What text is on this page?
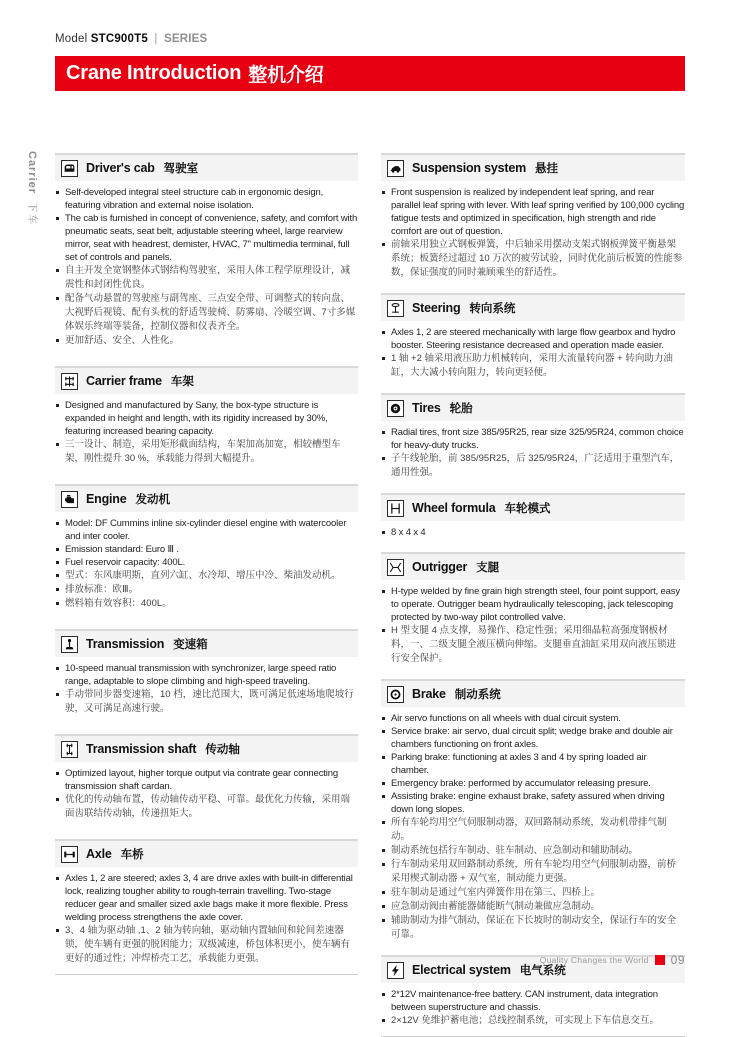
Model STC900T5 | SERIES
Crane Introduction 整机介绍
Carrier 下车
Driver's cab 驾驶室
Self-developed integral steel structure cab in ergonomic design, featuring vibration and external noise isolation.
The cab is furnished in concept of convenience, safety, and comfort with pneumatic seats, seat belt, adjustable steering wheel, large rearview mirror, seat with headrest, demister, HVAC, 7'' multimedia terminal, full set of controls and panels.
自主开发全宽钢整体式钢结构驾驶室，采用人体工程学原理设计，减震性和封闭性优良。
配备气动悬置的驾驶座与副驾座、三点安全带、可调整式的转向盘、大视野后视镜、配有头枕的舒适驾驶椅、防雾扇、冷暖空调、7寸多媒体娱乐终端等装备，控制仪器和仪表齐全。
更加舒适、安全、人性化。
Carrier frame 车架
Designed and manufactured by Sany, the box-type structure is expanded in height and length, with its rigidity increased by 30%, featuring increased bearing capacity.
三一设计、制造，采用矩形截面结构，车架加高加宽，相较槽型车架，刚性提升 30 %，承载能力得到大幅提升。
Engine 发动机
Model: DF Cummins inline six-cylinder diesel engine with watercooler and inter cooler.
Emission standard: Euro Ⅲ .
Fuel reservoir capacity: 400L.
型式：东风康明斯，直列六缸、水冷却、增压中冷、柴油发动机。
排放标准：欧Ⅲ。
燃料箱有效容积：400L。
Transmission 变速箱
10-speed manual transmission with synchronizer, large speed ratio range, adaptable to slope climbing and high-speed traveling.
手动带同步器变速箱，10 档，速比范围大，既可满足低速场地爬坡行驶，又可满足高速行驶。
Transmission shaft 传动轴
Optimized layout, higher torque output via contrate gear connecting transmission shaft cardan.
优化的传动轴布置，传动轴传动平稳、可靠。最优化力传输，采用端面齿联结传动轴，传递扭矩大。
Axle 车桥
Axles 1, 2 are steered; axles 3, 4 are drive axles with built-in differential lock, realizing tougher ability to rough-terrain travelling. Two-stage reducer gear and smaller sized axle bags make it more flexible. Press welding process strengthens the axle cover.
3、4 轴为驱动轴 ,1、2 轴为转向轴，驱动轴内置轴间和轮间差速器锁，使车辆有更强的脱困能力；双级减速，桥包体积更小，使车辆有更好的通过性；冲焊桥壳工艺，承载能力更强。
Suspension system 悬挂
Front suspension is realized by independent leaf spring, and rear parallel leaf spring with lever. With leaf spring verified by 100,000 cycling fatigue tests and optimized in specification, high strength and ride comfort are out of question.
前轴采用独立式钢板弹簧，中后轴采用摆动支架式钢板弹簧平衡悬架系统；板簧经过超过 10 万次的疲劳试验，同时优化前后板簧的性能参数，保证强度的同时兼顾乘坐的舒适性。
Steering 转向系统
Axles 1, 2 are steered mechanically with large flow gearbox and hydro booster. Steering resistance decreased and operation made easier.
1 轴 +2 轴采用液压助力机械转向，采用大流量转向器 + 转向助力油缸，大大减小转向阻力，转向更轻便。
Tires 轮胎
Radial tires, front size 385/95R25, rear size 325/95R24, common choice for heavy-duty trucks.
子午线轮胎，前 385/95R25，后 325/95R24，广泛适用于重型汽车，通用性强。
Wheel formula 车轮模式
8 x 4 x 4
Outrigger 支腿
H-type welded by fine grain high strength steel, four point support, easy to operate. Outrigger beam hydraulically telescoping, jack telescoping protected by two-way pilot controlled valve.
H 型支腿 4 点支撑，易操作、稳定性强；采用细晶粒高强度钢板材料，一、二级支腿全液压横向伸缩。支腿垂直油缸采用双向液压锁进行安全保护。
Brake 制动系统
Air servo functions on all wheels with dual circuit system.
Service brake: air servo, dual circuit split; wedge brake and double air chambers functioning on front axles.
Parking brake: functioning at axles 3 and 4 by spring loaded air chamber.
Emergency brake: performed by accumulator releasing presure.
Assisting brake: engine exhaust brake, safety assured when driving down long slopes.
所有车轮均用空气伺服制动器，双回路制动系统，发动机带排气制动。
制动系统包括行车制动、驻车制动、应急制动和辅助制动。
行车制动采用双回路制动系统，所有车轮均用空气伺服制动器，前桥采用楔式制动器 + 双气室，制动能力更强。
驻车制动是通过气室内弹簧作用在第三、四桥上。
应急制动阀由蓄能器储能断气制动兼做应急制动。
辅助制动为排气制动，保证在下长坡时的制动安全，保证行车的安全可靠。
Electrical system 电气系统
2*12V maintenance-free battery. CAN instrument, data integration between superstructure and chassis.
2×12V 免维护蓄电池；总线控制系统，可实现上下车信息交互。
Quality Changes the World 09
